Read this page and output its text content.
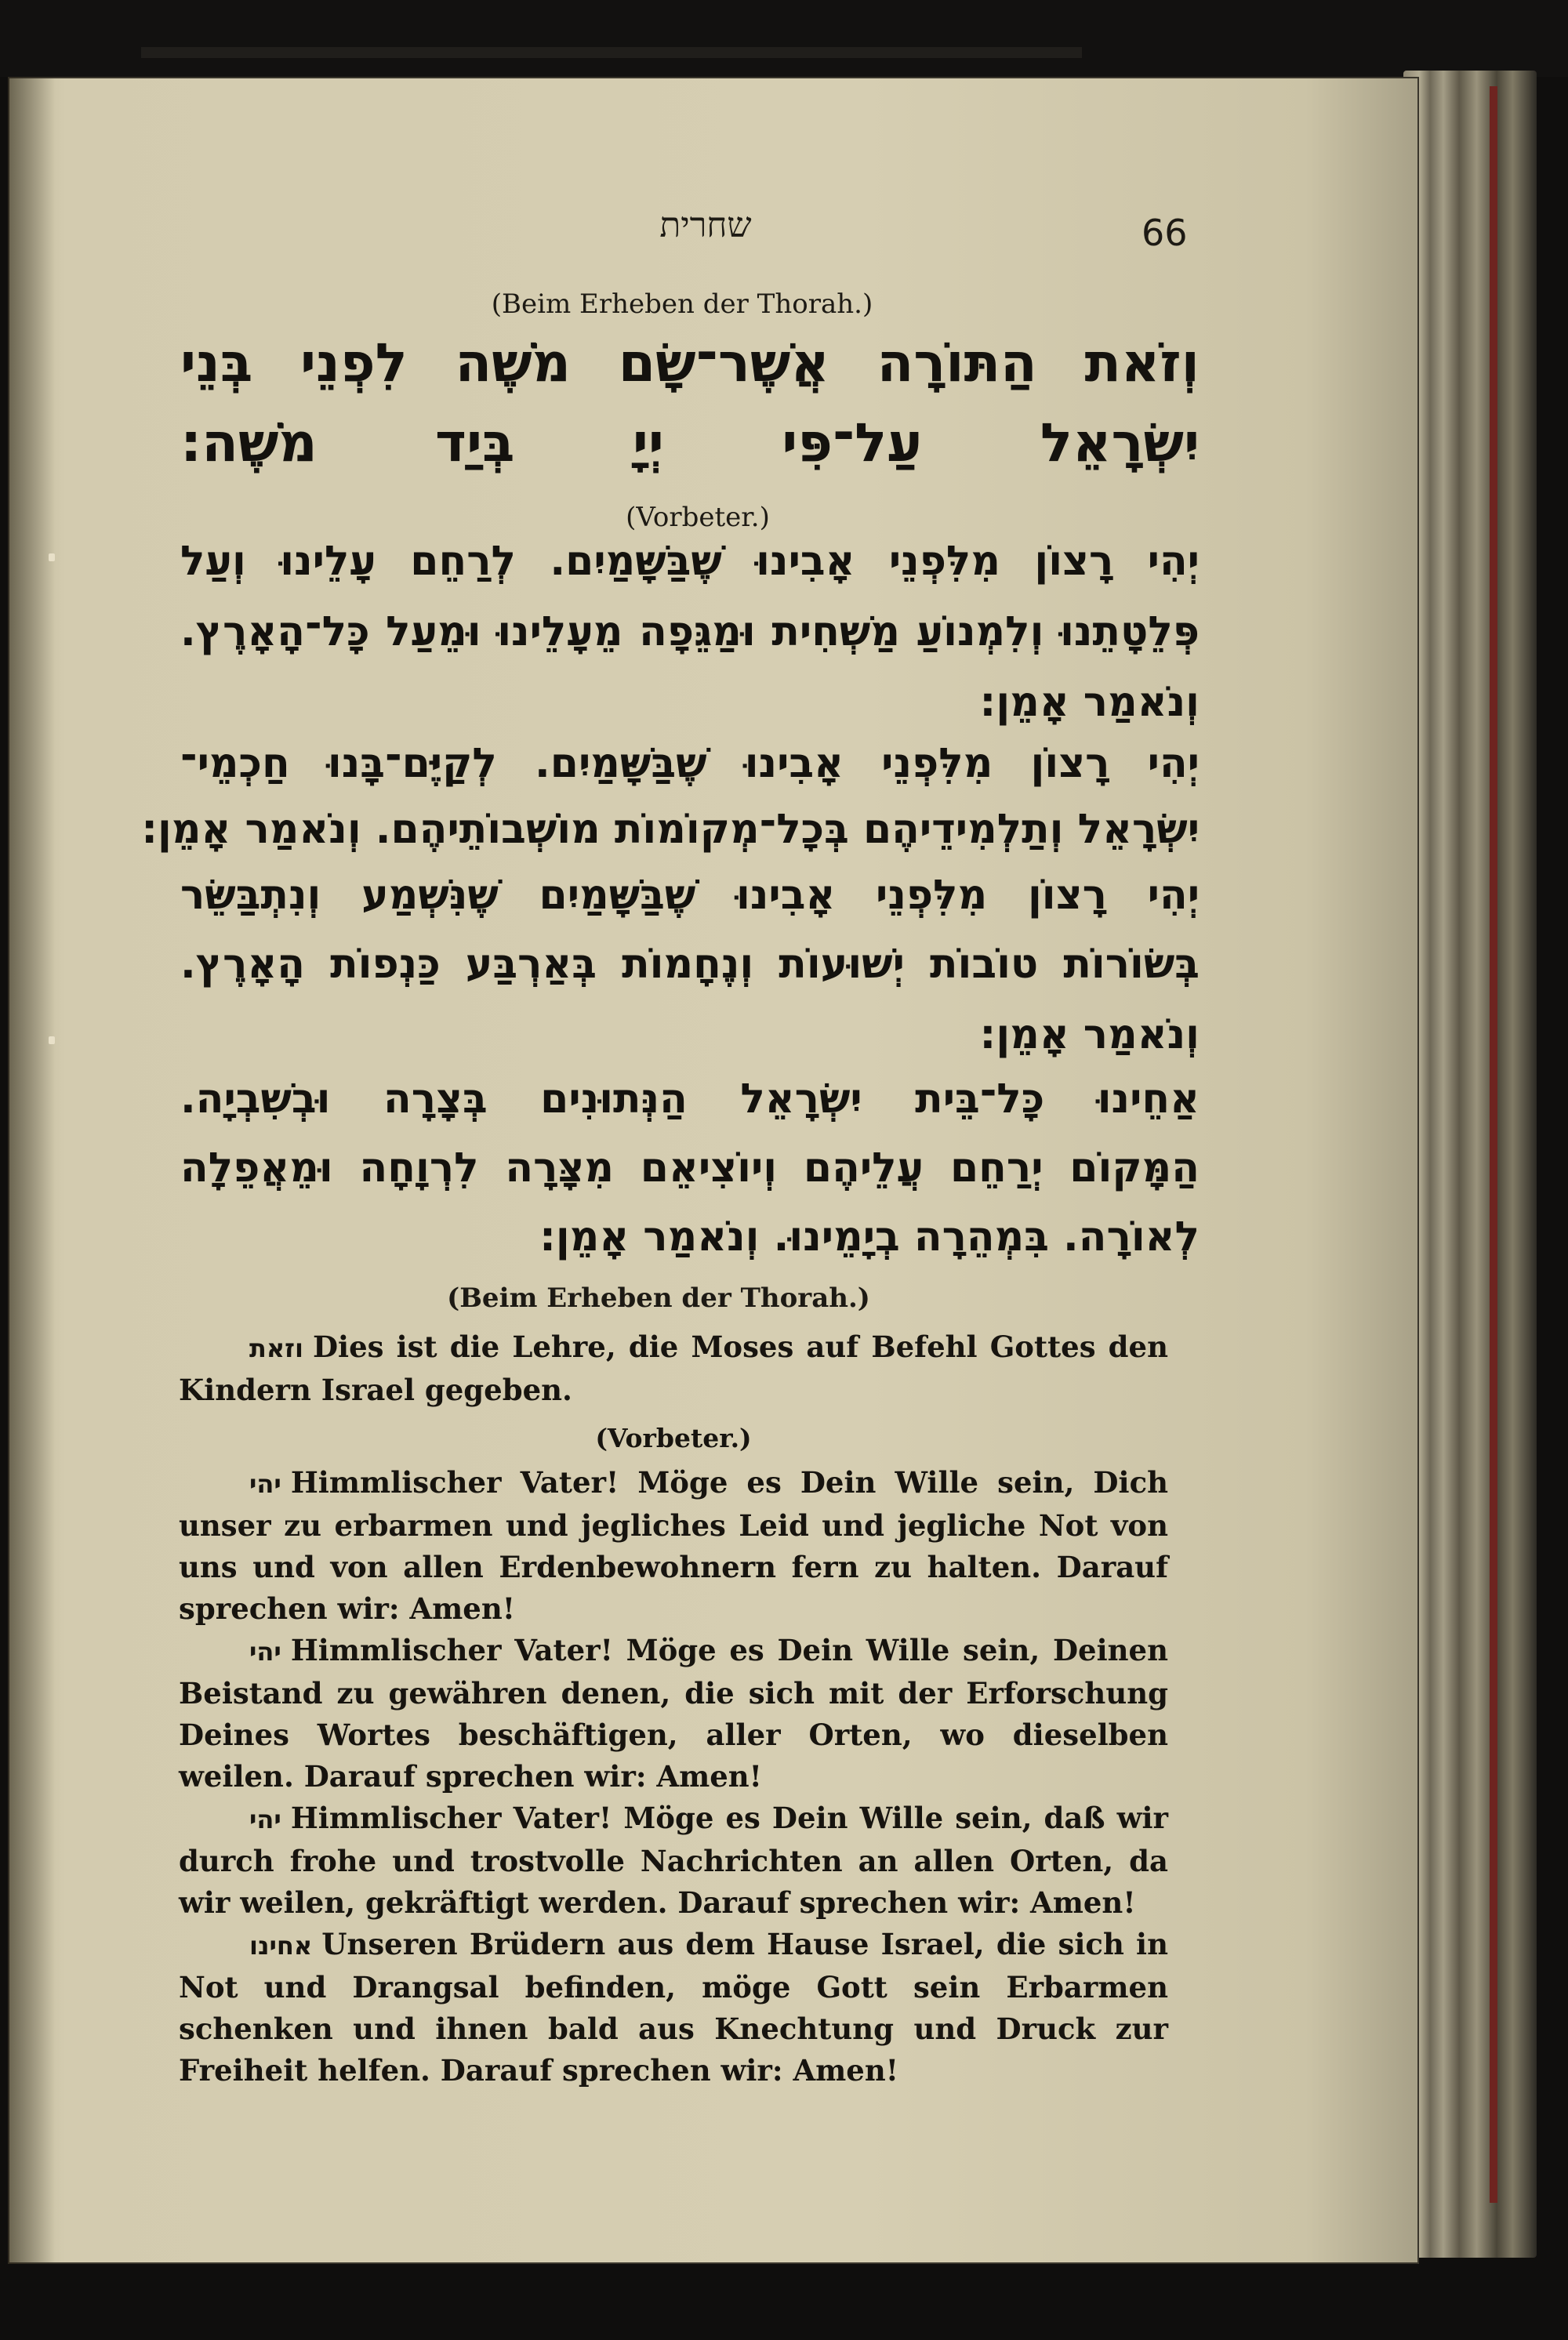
שחרית	66
(Beim Erheben der Thorah.)
וְזֹאת הַתּוֹרָה אֲשֶׁר־שָׂם מֹשֶׁה לִפְנֵי בְּנֵי
יִשְׂרָאֵל עַל־פִּי יְיָ בְּיַד מֹשֶׁה:
(Vorbeter.)
יְהִי רָצוֹן מִלִּפְנֵי אָבִינוּ שֶׁבַּשָּׁמַיִם. לְרַחֵם עָלֵינוּ וְעַל
פְּלֵטָתֵנוּ וְלִמְנוֹעַ מַשְׁחִית וּמַגֵּפָה מֵעָלֵינוּ וּמֵעַל כָּל־הָאָרֶץ.
וְנֹאמַר אָמֵן:
יְהִי רָצוֹן מִלִּפְנֵי אָבִינוּ שֶׁבַּשָּׁמַיִם. לְקַיֶּם־בָּנוּ חַכְמֵי־
יִשְׂרָאֵל וְתַלְמִידֵיהֶם בְּכָל־מְקוֹמוֹת מוֹשְׁבוֹתֵיהֶם. וְנֹאמַר אָמֵן:
יְהִי רָצוֹן מִלִּפְנֵי אָבִינוּ שֶׁבַּשָּׁמַיִם שֶׁנִּשְׁמַע וְנִתְבַּשֵּׂר
בְּשׂוֹרוֹת טוֹבוֹת יְשׁוּעוֹת וְנֶחָמוֹת בְּאַרְבַּע כַּנְפוֹת הָאָרֶץ.
וְנֹאמַר אָמֵן:
אַחֵינוּ כָּל־בֵּית יִשְׂרָאֵל הַנְּתוּנִים בְּצָרָה וּבְשִׁבְיָה.
הַמָּקוֹם יְרַחֵם עֲלֵיהֶם וְיוֹצִיאֵם מִצָּרָה לִרְוָחָה וּמֵאֲפֵלָה
לְאוֹרָה. בִּמְהֵרָה בְיָמֵינוּ. וְנֹאמַר אָמֵן:
(Beim Erheben der Thorah.)

וזאת Dies ist die Lehre, die Moses auf Befehl Gottes den Kindern Israel gegeben.

(Vorbeter.)

יהי Himmlischer Vater! Möge es Dein Wille sein, Dich unser zu erbarmen und jegliches Leid und jegliche Not von uns und von allen Erdenbewohnern fern zu halten. Darauf sprechen wir: Amen!

יהי Himmlischer Vater! Möge es Dein Wille sein, Deinen Beistand zu gewähren denen, die sich mit der Erforschung Deines Wortes beschäftigen, aller Orten, wo dieselben weilen. Darauf sprechen wir: Amen!

יהי Himmlischer Vater! Möge es Dein Wille sein, daß wir durch frohe und trostvolle Nachrichten an allen Orten, da wir weilen, gekräftigt werden. Darauf sprechen wir: Amen!

אחינו Unseren Brüdern aus dem Hause Israel, die sich in Not und Drangsal befinden, möge Gott sein Erbarmen schenken und ihnen bald aus Knechtung und Druck zur Freiheit helfen. Darauf sprechen wir: Amen!
